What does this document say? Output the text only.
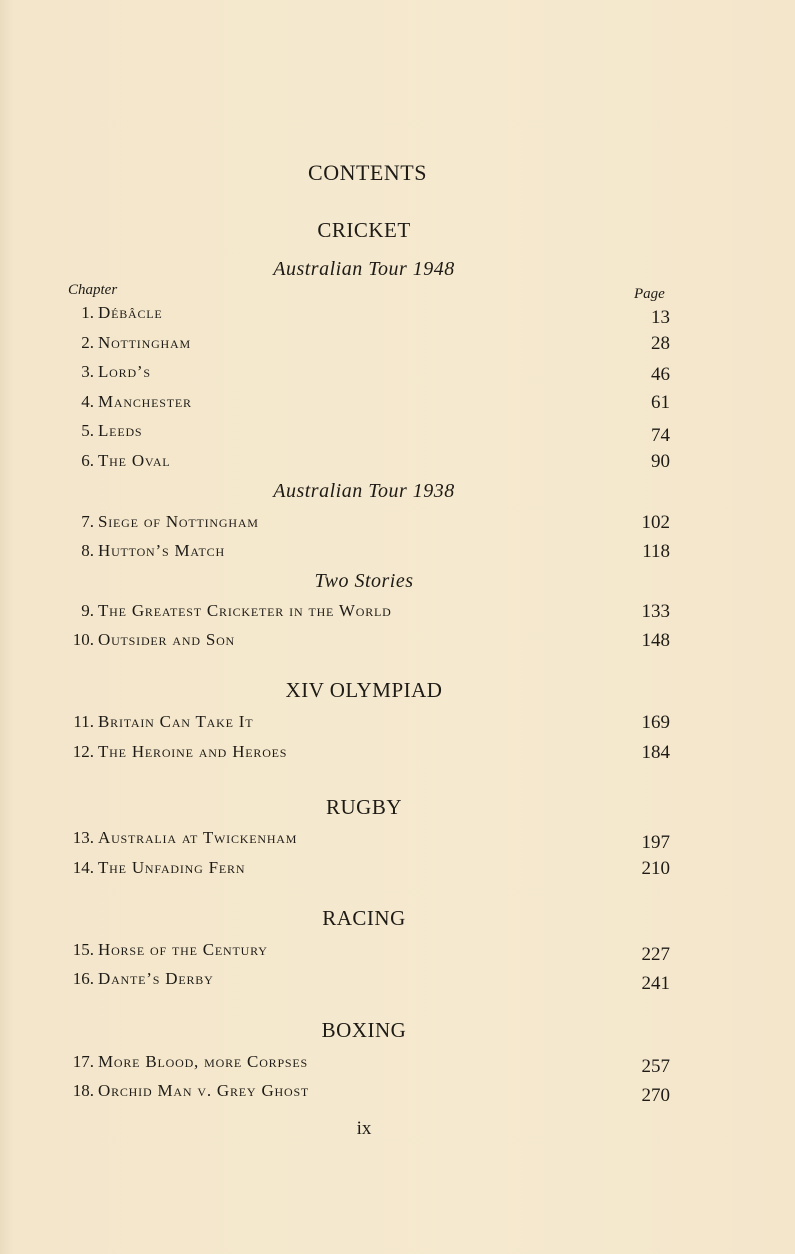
CONTENTS
CRICKET
Australian Tour 1948
Chapter	Page
1. Débâcle	13
2. Nottingham	28
3. Lord’s	46
4. Manchester	61
5. Leeds	74
6. The Oval	90
Australian Tour 1938
7. Siege of Nottingham	102
8. Hutton’s Match	118
Two Stories
9. The Greatest Cricketer in the World	133
10. Outsider and Son	148
XIV OLYMPIAD
11. Britain Can Take It	169
12. The Heroine and Heroes	184
RUGBY
13. Australia at Twickenham	197
14. The Unfading Fern	210
RACING
15. Horse of the Century	227
16. Dante’s Derby	241
BOXING
17. More Blood, more Corpses	257
18. Orchid Man v. Grey Ghost	270
ix
